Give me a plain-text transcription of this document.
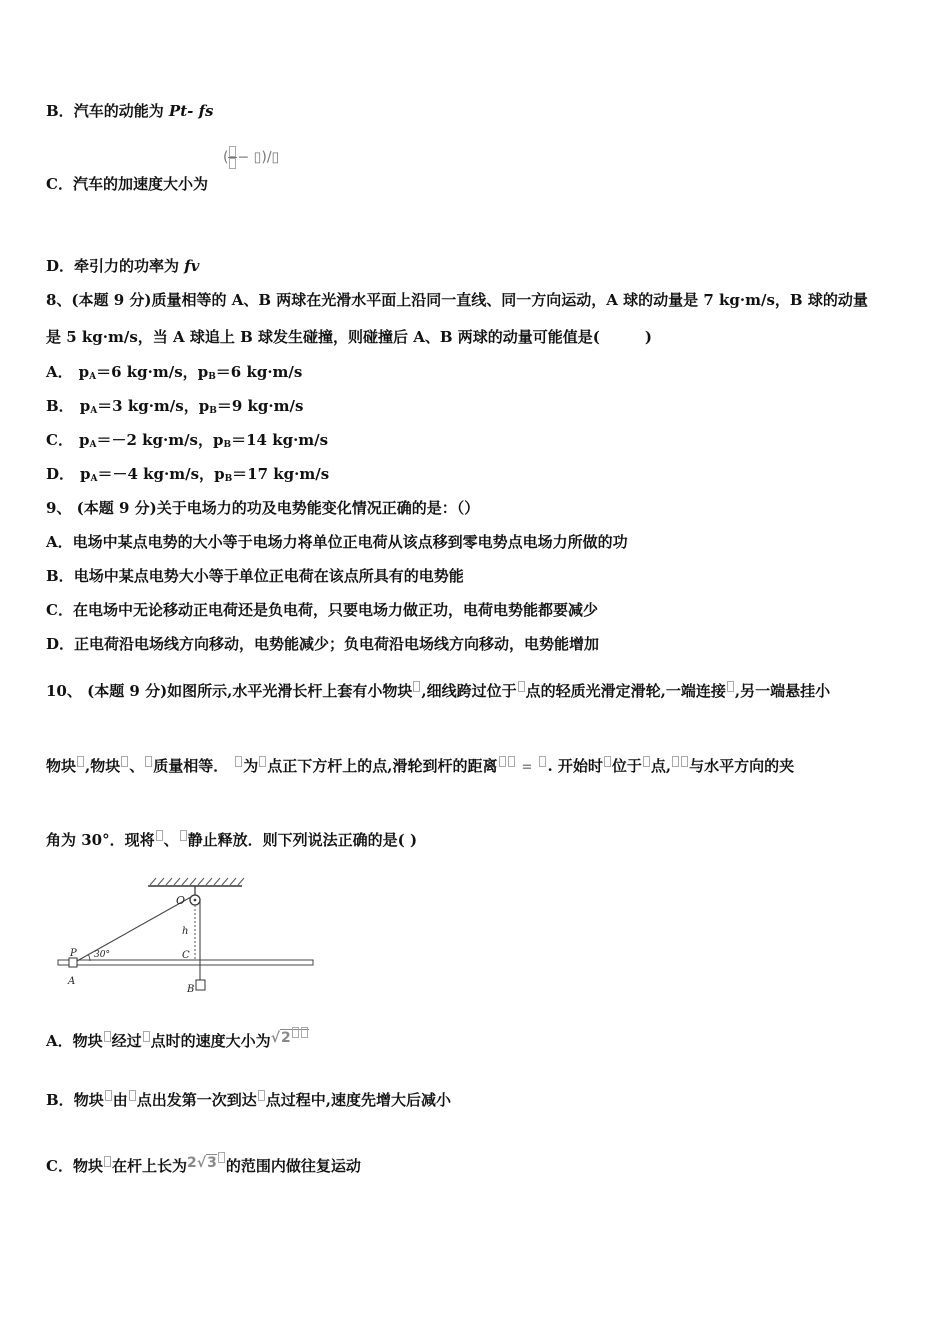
B．汽车的动能为 Pt- fs
( − ▯)/▯
C．汽车的加速度大小为
D．牵引力的功率为 fv
8、(本题 9 分)质量相等的 A、B 两球在光滑水平面上沿同一直线、同一方向运动，A 球的动量是 7 kg·m/s，B 球的动量
是 5 kg·m/s，当 A 球追上 B 球发生碰撞，则碰撞后 A、B 两球的动量可能值是(　　　)
A． $p_A=6$ kg·m/s，$p_B=6$ kg·m/s
B． $p_A=3$ kg·m/s，$p_B=9$ kg·m/s
C． $p_A=-2$ kg·m/s，$p_B=14$ kg·m/s
D． $p_A=-4$ kg·m/s，$p_B=17$ kg·m/s
9、 (本题 9 分)关于电场力的功及电势能变化情况正确的是：（）
A．电场中某点电势的大小等于电场力将单位正电荷从该点移到零电势点电场力所做的功
B．电场中某点电势大小等于单位正电荷在该点所具有的电势能
C．在电场中无论移动正电荷还是负电荷，只要电场力做正功，电荷电势能都要减少
D．正电荷沿电场线方向移动，电势能减少；负电荷沿电场线方向移动，电势能增加
10、 (本题 9 分)如图所示,水平光滑长杆上套有小物块 ,细线跨过位于 点的轻质光滑定滑轮,一端连接 ,另一端悬挂小
物块 ,物块 、 质量相等． 为 点正下方杆上的点,滑轮到杆的距离 = . 开始时 位于 点, 与水平方向的夹
角为 30°．现将 、 静止释放．则下列说法正确的是( )
O
h
P 30°	C
A
B
A．物块 经过 点时的速度大小为√2
B．物块 由 点出发第一次到达 点过程中,速度先增大后减小
C．物块 在杆上长为2√3 的范围内做往复运动
